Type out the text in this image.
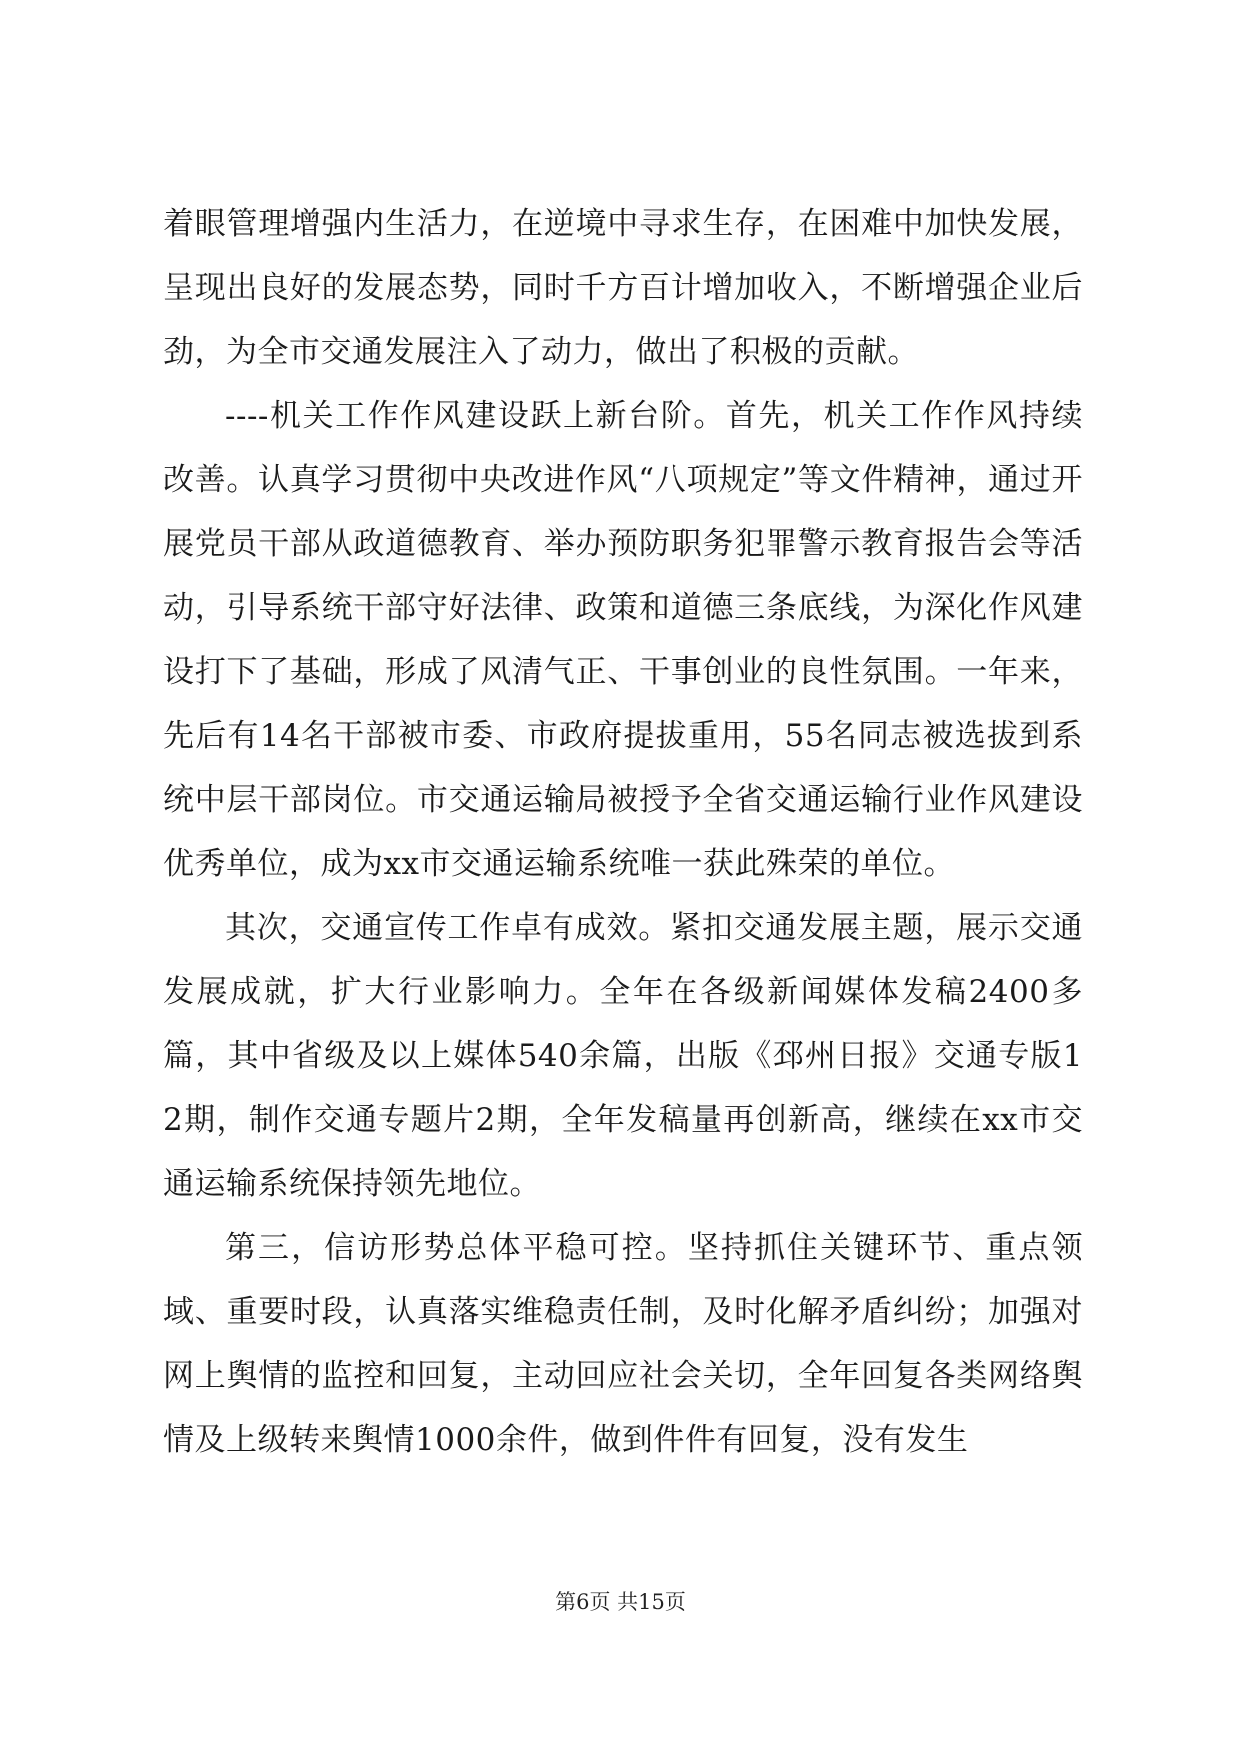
着眼管理增强内生活力，在逆境中寻求生存，在困难中加快发展，呈现出良好的发展态势，同时千方百计增加收入，不断增强企业后劲，为全市交通发展注入了动力，做出了积极的贡献。

----机关工作作风建设跃上新台阶。首先，机关工作作风持续改善。认真学习贯彻中央改进作风“八项规定”等文件精神，通过开展党员干部从政道德教育、举办预防职务犯罪警示教育报告会等活动，引导系统干部守好法律、政策和道德三条底线，为深化作风建设打下了基础，形成了风清气正、干事创业的良性氛围。一年来，先后有14名干部被市委、市政府提拔重用，55名同志被选拔到系统中层干部岗位。市交通运输局被授予全省交通运输行业作风建设优秀单位，成为xx市交通运输系统唯一获此殊荣的单位。

其次，交通宣传工作卓有成效。紧扣交通发展主题，展示交通发展成就，扩大行业影响力。全年在各级新闻媒体发稿2400多篇，其中省级及以上媒体540余篇，出版《邳州日报》交通专版12期，制作交通专题片2期，全年发稿量再创新高，继续在xx市交通运输系统保持领先地位。

第三，信访形势总体平稳可控。坚持抓住关键环节、重点领域、重要时段，认真落实维稳责任制，及时化解矛盾纠纷；加强对网上舆情的监控和回复，主动回应社会关切，全年回复各类网络舆情及上级转来舆情1000余件，做到件件有回复，没有发生

第6页 共15页
